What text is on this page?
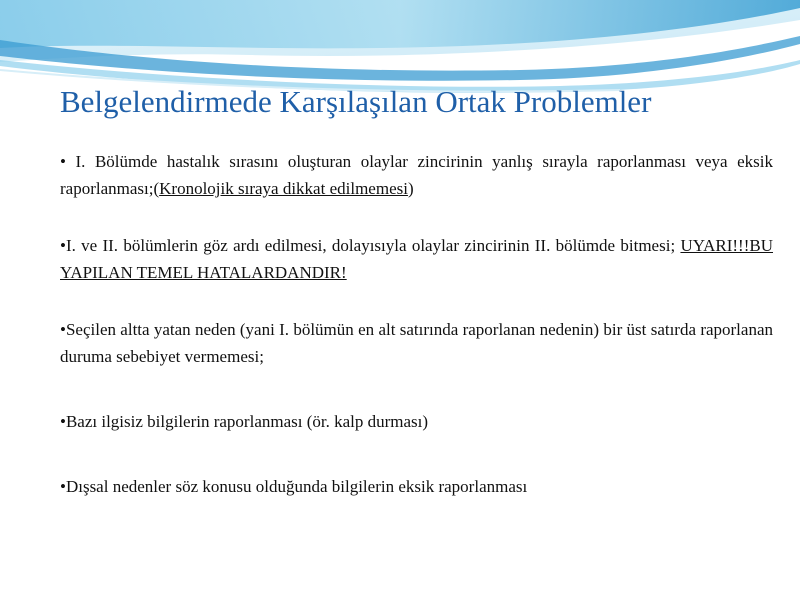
Belgelendirmede Karşılaşılan Ortak Problemler

• I. Bölümde hastalık sırasını oluşturan olaylar zincirinin yanlış sırayla raporlanması veya eksik raporlanması;(Kronolojik sıraya dikkat edilmemesi)

•I. ve II. bölümlerin göz ardı edilmesi, dolayısıyla olaylar zincirinin II. bölümde bitmesi; UYARI!!!BU YAPILAN TEMEL HATALARDANDIR!

•Seçilen altta yatan neden (yani I. bölümün en alt satırında raporlanan nedenin) bir üst satırda raporlanan duruma sebebiyet vermemesi;

•Bazı ilgisiz bilgilerin raporlanması (ör. kalp durması)

•Dışsal nedenler söz konusu olduğunda bilgilerin eksik raporlanması
